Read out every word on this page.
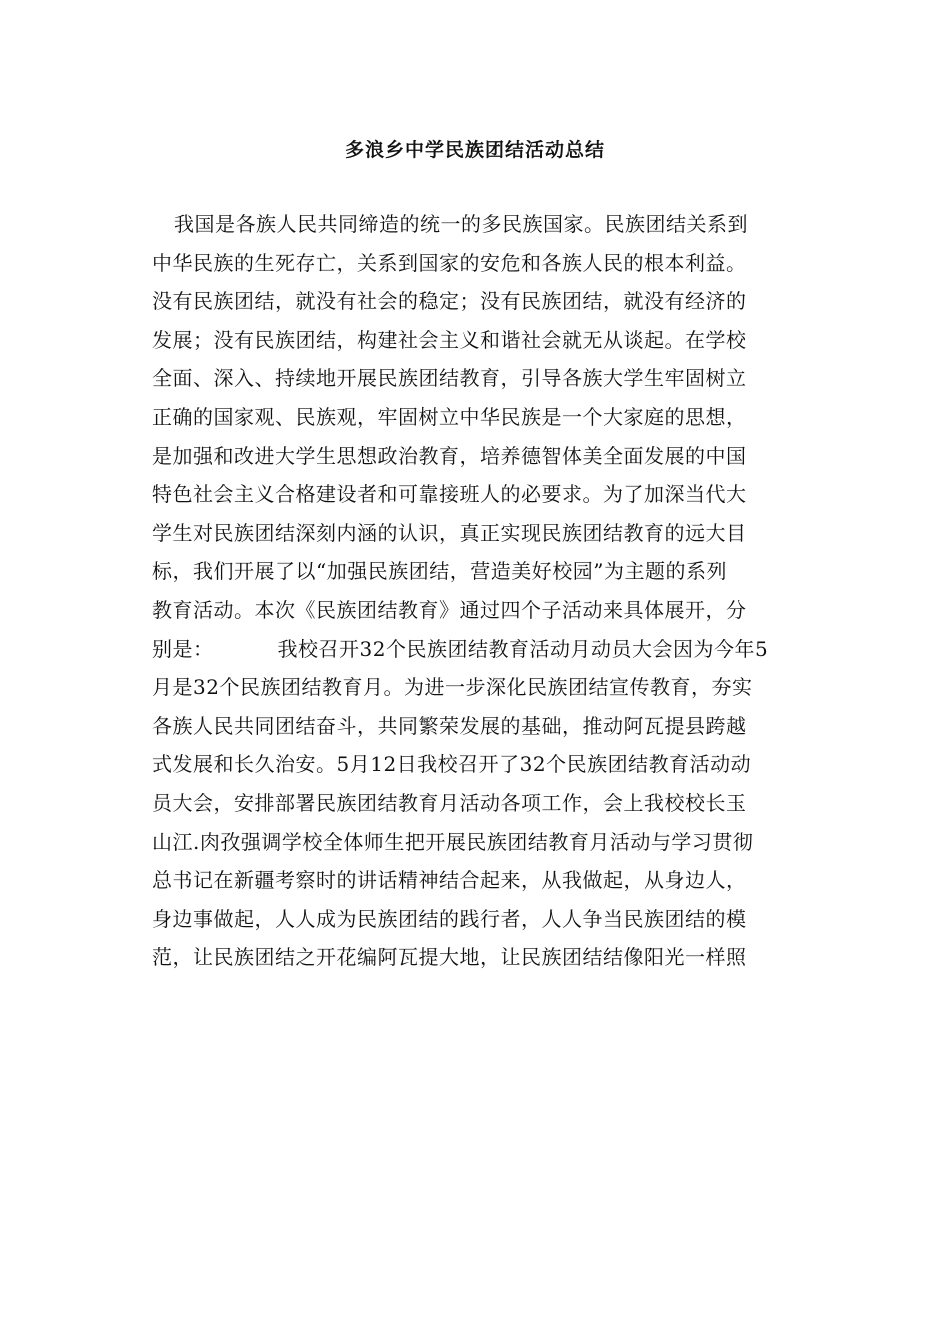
多浪乡中学民族团结活动总结
我国是各族人民共同缔造的统一的多民族国家。民族团结关系到
中华民族的生死存亡，关系到国家的安危和各族人民的根本利益。
没有民族团结，就没有社会的稳定；没有民族团结，就没有经济的
发展；没有民族团结，构建社会主义和谐社会就无从谈起。在学校
全面、深入、持续地开展民族团结教育，引导各族大学生牢固树立
正确的国家观、民族观，牢固树立中华民族是一个大家庭的思想，
是加强和改进大学生思想政治教育，培养德智体美全面发展的中国
特色社会主义合格建设者和可靠接班人的必要求。为了加深当代大
学生对民族团结深刻内涵的认识，真正实现民族团结教育的远大目
标，我们开展了以“加强民族团结，营造美好校园”为主题的系列
教育活动。本次《民族团结教育》通过四个子活动来具体展开，分
别是：	我校召开32个民族团结教育活动月动员大会因为今年5
月是32个民族团结教育月。为进一步深化民族团结宣传教育，夯实
各族人民共同团结奋斗，共同繁荣发展的基础，推动阿瓦提县跨越
式发展和长久治安。5月12日我校召开了32个民族团结教育活动动
员大会，安排部署民族团结教育月活动各项工作，会上我校校长玉
山江.肉孜强调学校全体师生把开展民族团结教育月活动与学习贯彻
总书记在新疆考察时的讲话精神结合起来，从我做起，从身边人，
身边事做起，人人成为民族团结的践行者，人人争当民族团结的模
范，让民族团结之开花编阿瓦提大地，让民族团结结像阳光一样照
